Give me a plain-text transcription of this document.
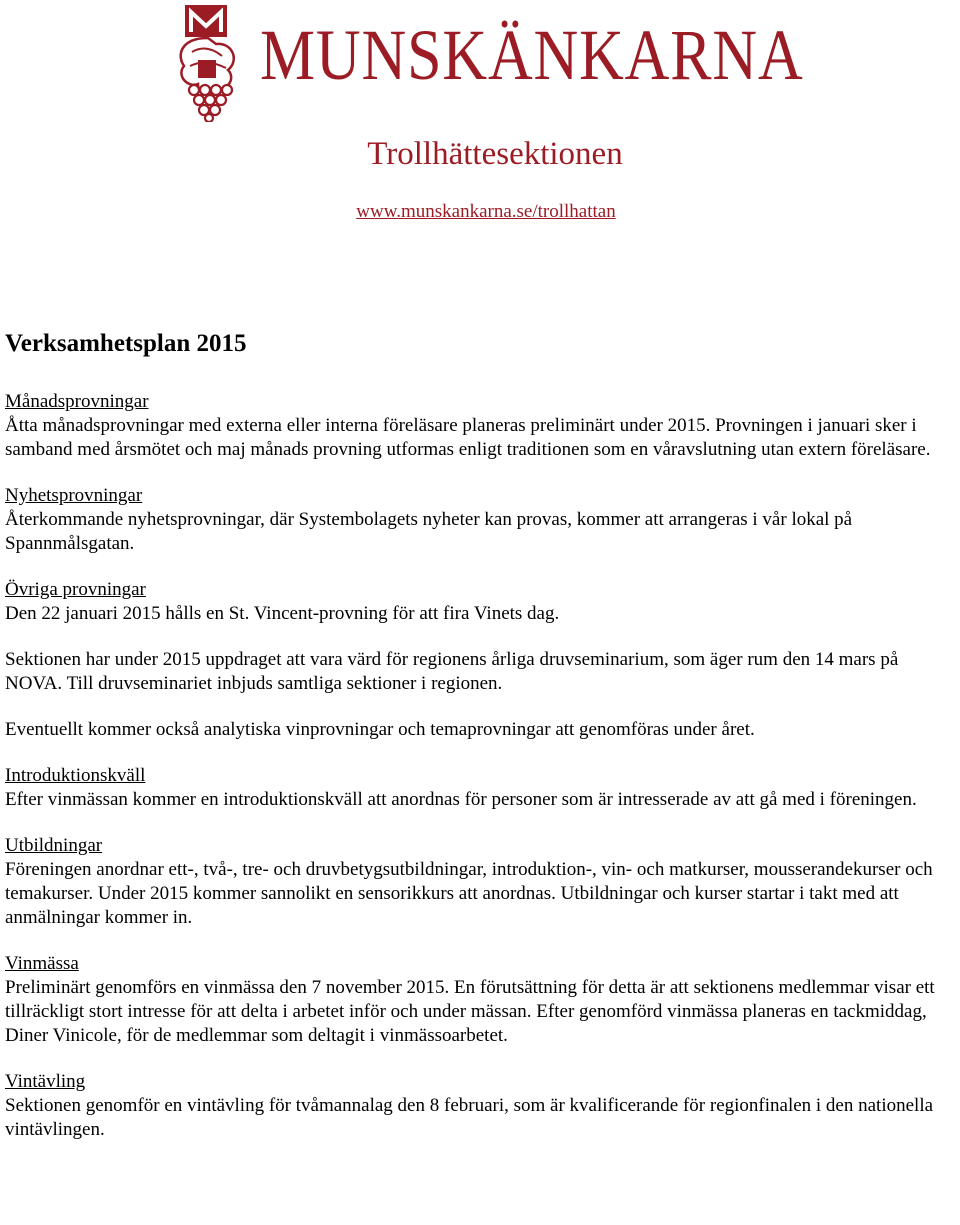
MUNSKÄNKARNA
Trollhättesektionen
www.munskankarna.se/trollhattan
Verksamhetsplan 2015
Månadsprovningar
Åtta månadsprovningar med externa eller interna föreläsare planeras preliminärt under 2015. Provningen i januari sker i samband med årsmötet och maj månads provning utformas enligt traditionen som en våravslutning utan extern föreläsare.
Nyhetsprovningar
Återkommande nyhetsprovningar, där Systembolagets nyheter kan provas, kommer att arrangeras i vår lokal på Spannmålsgatan.
Övriga provningar
Den 22 januari 2015 hålls en St. Vincent-provning för att fira Vinets dag.

Sektionen har under 2015 uppdraget att vara värd för regionens årliga druvseminarium, som äger rum den 14 mars på NOVA. Till druvseminariet inbjuds samtliga sektioner i regionen.

Eventuellt kommer också analytiska vinprovningar och temaprovningar att genomföras under året.

Introduktionskväll
Efter vinmässan kommer en introduktionskväll att anordnas för personer som är intresserade av att gå med i föreningen.
Utbildningar
Föreningen anordnar ett-, två-, tre- och druvbetygsutbildningar, introduktion-, vin- och matkurser, mousserandekurser och temakurser. Under 2015 kommer sannolikt en sensorikkurs att anordnas. Utbildningar och kurser startar i takt med att anmälningar kommer in.
Vinmässa
Preliminärt genomförs en vinmässa den 7 november 2015. En förutsättning för detta är att sektionens medlemmar visar ett tillräckligt stort intresse för att delta i arbetet inför och under mässan. Efter genomförd vinmässa planeras en tackmiddag, Diner Vinicole, för de medlemmar som deltagit i vinmässoarbetet.
Vintävling
Sektionen genomför en vintävling för tvåmannalag den 8 februari, som är kvalificerande för regionfinalen i den nationella vintävlingen.
